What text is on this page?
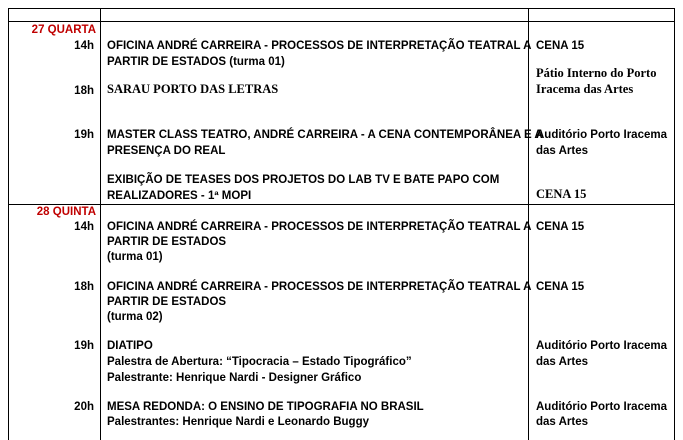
27 QUARTA
14h OFICINA ANDRÉ CARREIRA - PROCESSOS DE INTERPRETAÇÃO TEATRAL A
PARTIR DE ESTADOS (turma 01)
CENA 15
18h SARAU PORTO DAS LETRAS
Pátio Interno do Porto
Iracema das Artes
19h MASTER CLASS TEATRO, ANDRÉ CARREIRA - A CENA CONTEMPORÂNEA E A
PRESENÇA DO REAL
Auditório Porto Iracema
das Artes
EXIBIÇÃO DE TEASES DOS PROJETOS DO LAB TV E BATE PAPO COM
REALIZADORES - 1ª MOPI	CENA 15
28 QUINTA
14h OFICINA ANDRÉ CARREIRA - PROCESSOS DE INTERPRETAÇÃO TEATRAL A
PARTIR DE ESTADOS
(turma 01)
CENA 15
18h OFICINA ANDRÉ CARREIRA - PROCESSOS DE INTERPRETAÇÃO TEATRAL A
PARTIR DE ESTADOS
(turma 02)
CENA 15
19h DIATIPO
Palestra de Abertura: “Tipocracia – Estado Tipográfico”
Palestrante: Henrique Nardi - Designer Gráfico
Auditório Porto Iracema
das Artes
20h MESA REDONDA: O ENSINO DE TIPOGRAFIA NO BRASIL
Palestrantes: Henrique Nardi e Leonardo Buggy
Auditório Porto Iracema
das Artes
